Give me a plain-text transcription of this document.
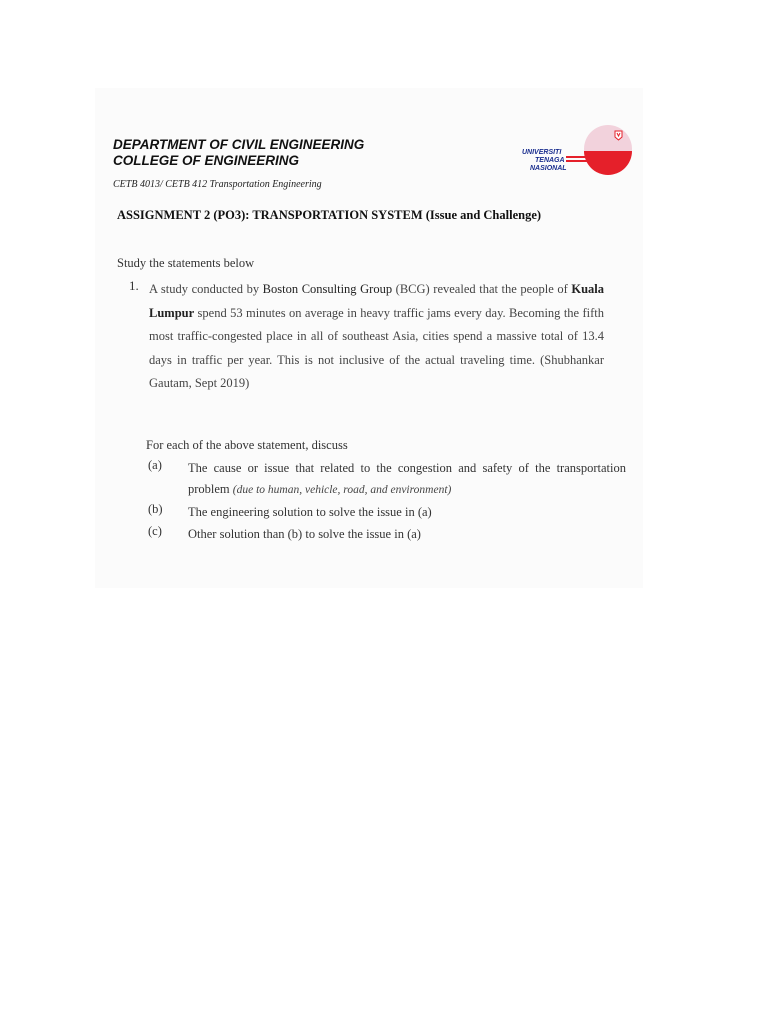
DEPARTMENT OF CIVIL ENGINEERING
COLLEGE OF ENGINEERING
CETB 4013/ CETB 412 Transportation Engineering
UNIVERSITI
TENAGA
NASIONAL
ASSIGNMENT 2 (PO3): TRANSPORTATION SYSTEM (Issue and Challenge)
Study the statements below
1. A study conducted by Boston Consulting Group (BCG) revealed that the people of Kuala Lumpur spend 53 minutes on average in heavy traffic jams every day. Becoming the fifth most traffic-congested place in all of southeast Asia, cities spend a massive total of 13.4 days in traffic per year. This is not inclusive of the actual traveling time. (Shubhankar Gautam, Sept 2019)
For each of the above statement, discuss
(a) The cause or issue that related to the congestion and safety of the transportation problem (due to human, vehicle, road, and environment)
(b) The engineering solution to solve the issue in (a)
(c) Other solution than (b) to solve the issue in (a)
